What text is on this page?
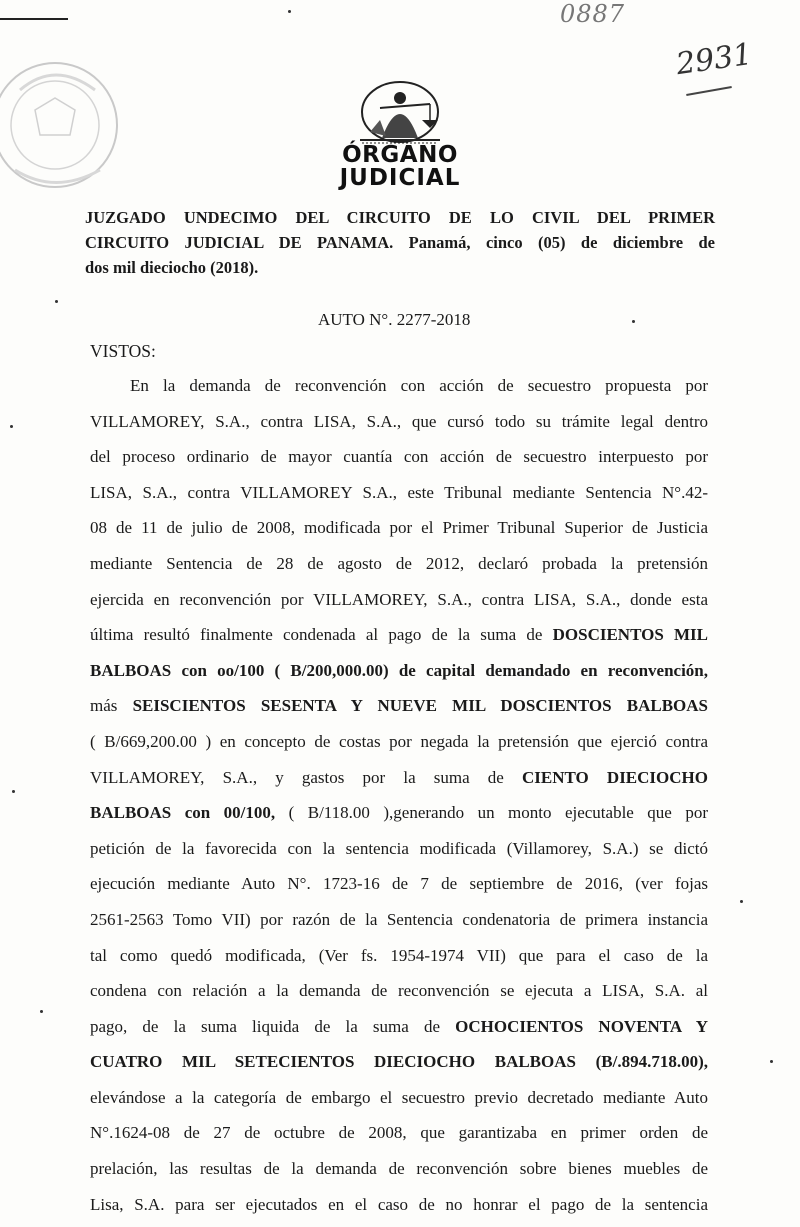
0887
2931
ÓRGANO
JUDICIAL

JUZGADO UNDECIMO DEL CIRCUITO DE LO CIVIL DEL PRIMER

CIRCUITO JUDICIAL DE PANAMA. Panamá, cinco (05) de diciembre de

dos mil dieciocho (2018).

AUTO N°. 2277-2018
VISTOS:
En la demanda de reconvención con acción de secuestro propuesta por
VILLAMOREY, S.A., contra LISA, S.A., que cursó todo su trámite legal dentro
del proceso ordinario de mayor cuantía con acción de secuestro interpuesto por
LISA, S.A., contra VILLAMOREY S.A., este Tribunal mediante Sentencia N°.42-
08 de 11 de julio de 2008, modificada por el Primer Tribunal Superior de Justicia
mediante Sentencia de 28 de agosto de 2012, declaró probada la pretensión
ejercida en reconvención por VILLAMOREY, S.A., contra LISA, S.A., donde esta
última resultó finalmente condenada al pago de la suma de DOSCIENTOS MIL
BALBOAS con oo/100 ( B/200,000.00) de capital demandado en reconvención,
más SEISCIENTOS SESENTA Y NUEVE MIL DOSCIENTOS BALBOAS
( B/669,200.00 ) en concepto de costas por negada la pretensión que ejerció contra
VILLAMOREY, S.A., y gastos por la suma de CIENTO DIECIOCHO
BALBOAS con 00/100, ( B/118.00 ),generando un monto ejecutable que por
petición de la favorecida con la sentencia modificada (Villamorey, S.A.) se dictó
ejecución mediante Auto N°. 1723-16 de 7 de septiembre de 2016, (ver fojas
2561-2563 Tomo VII) por razón de la Sentencia condenatoria de primera instancia
tal como quedó modificada, (Ver fs. 1954-1974 VII) que para el caso de la
condena con relación a la demanda de reconvención se ejecuta a LISA, S.A. al
pago, de la suma liquida de la suma de OCHOCIENTOS NOVENTA Y
CUATRO MIL SETECIENTOS DIECIOCHO BALBOAS (B/.894.718.00),
elevándose a la categoría de embargo el secuestro previo decretado mediante Auto
N°.1624-08 de 27 de octubre de 2008, que garantizaba en primer orden de
prelación, las resultas de la demanda de reconvención sobre bienes muebles de
Lisa, S.A. para ser ejecutados en el caso de no honrar el pago de la sentencia
